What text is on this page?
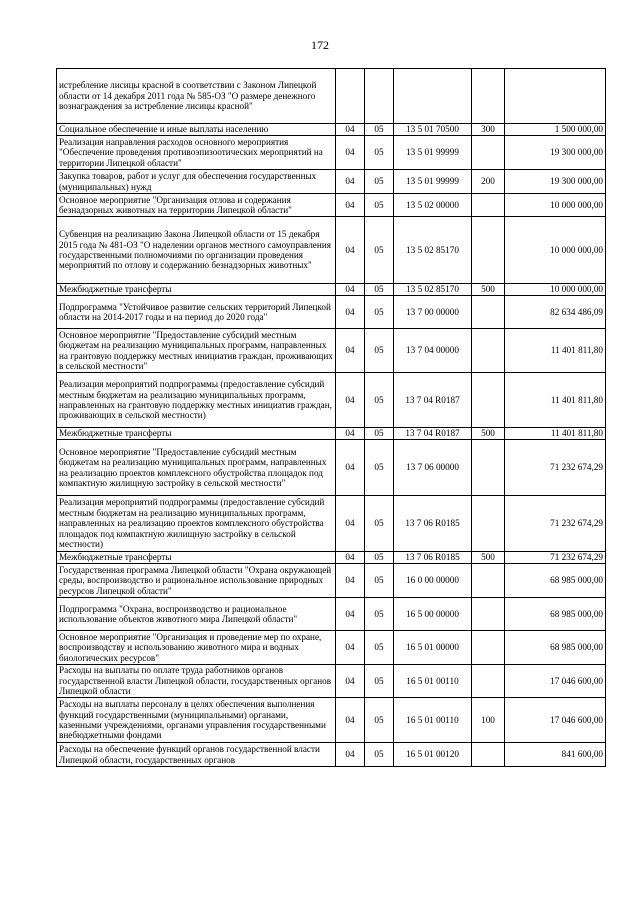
172
истребление лисицы красной в соответствии с Законом Липецкой области от 14 декабря 2011 года № 585-ОЗ "О размере денежного вознаграждения за истребление лисицы красной"					
Социальное обеспечение и иные выплаты населению	04	05	13 5 01 70500	300	1 500 000,00
Реализация направления расходов основного мероприятия "Обеспечение проведения противоэпизоотических мероприятий на территории Липецкой области"	04	05	13 5 01 99999		19 300 000,00
Закупка товаров, работ и услуг для обеспечения государственных (муниципальных) нужд	04	05	13 5 01 99999	200	19 300 000,00
Основное мероприятие "Организация отлова и содержания безнадзорных животных на территории Липецкой области"	04	05	13 5 02 00000		10 000 000,00
Субвенция на реализацию Закона Липецкой области от 15 декабря 2015 года № 481-ОЗ "О наделении органов местного самоуправления государственными полномочиями по организации проведения мероприятий по отлову и содержанию безнадзорных животных"	04	05	13 5 02 85170		10 000 000,00
Межбюджетные трансферты	04	05	13 5 02 85170	500	10 000 000,00
Подпрограмма "Устойчивое развитие сельских территорий Липецкой области на 2014-2017 годы и на период до 2020 года"	04	05	13 7 00 00000		82 634 486,09
Основное мероприятие "Предоставление субсидий местным бюджетам на реализацию муниципальных программ, направленных на грантовую поддержку местных инициатив граждан, проживающих в сельской местности"	04	05	13 7 04 00000		11 401 811,80
Реализация мероприятий подпрограммы (предоставление субсидий местным бюджетам на реализацию муниципальных программ, направленных на грантовую поддержку местных инициатив граждан, проживающих в сельской местности)	04	05	13 7 04 R0187		11 401 811,80
Межбюджетные трансферты	04	05	13 7 04 R0187	500	11 401 811,80
Основное мероприятие "Предоставление субсидий местным бюджетам на реализацию муниципальных программ, направленных на реализацию проектов комплексного обустройства площадок под компактную жилищную застройку в сельской местности"	04	05	13 7 06 00000		71 232 674,29
Реализация мероприятий подпрограммы (предоставление субсидий местным бюджетам на реализацию муниципальных программ, направленных на реализацию проектов комплексного обустройства площадок под компактную жилищную застройку в сельской местности)	04	05	13 7 06 R0185		71 232 674,29
Межбюджетные трансферты	04	05	13 7 06 R0185	500	71 232 674,29
Государственная программа Липецкой области "Охрана окружающей среды, воспроизводство и рациональное использование природных ресурсов Липецкой области"	04	05	16 0 00 00000		68 985 000,00
Подпрограмма "Охрана, воспроизводство и рациональное использование объектов животного мира Липецкой области"	04	05	16 5 00 00000		68 985 000,00
Основное мероприятие "Организация и проведение мер по охране, воспроизводству и использованию животного мира и водных биологических ресурсов"	04	05	16 5 01 00000		68 985 000,00
Расходы на выплаты по оплате труда работников органов государственной власти Липецкой области, государственных органов Липецкой области	04	05	16 5 01 00110		17 046 600,00
Расходы на выплаты персоналу в целях обеспечения выполнения функций государственными (муниципальными) органами, казенными учреждениями, органами управления государственными внебюджетными фондами	04	05	16 5 01 00110	100	17 046 600,00
Расходы на обеспечение функций органов государственной власти Липецкой области, государственных органов	04	05	16 5 01 00120		841 600,00
